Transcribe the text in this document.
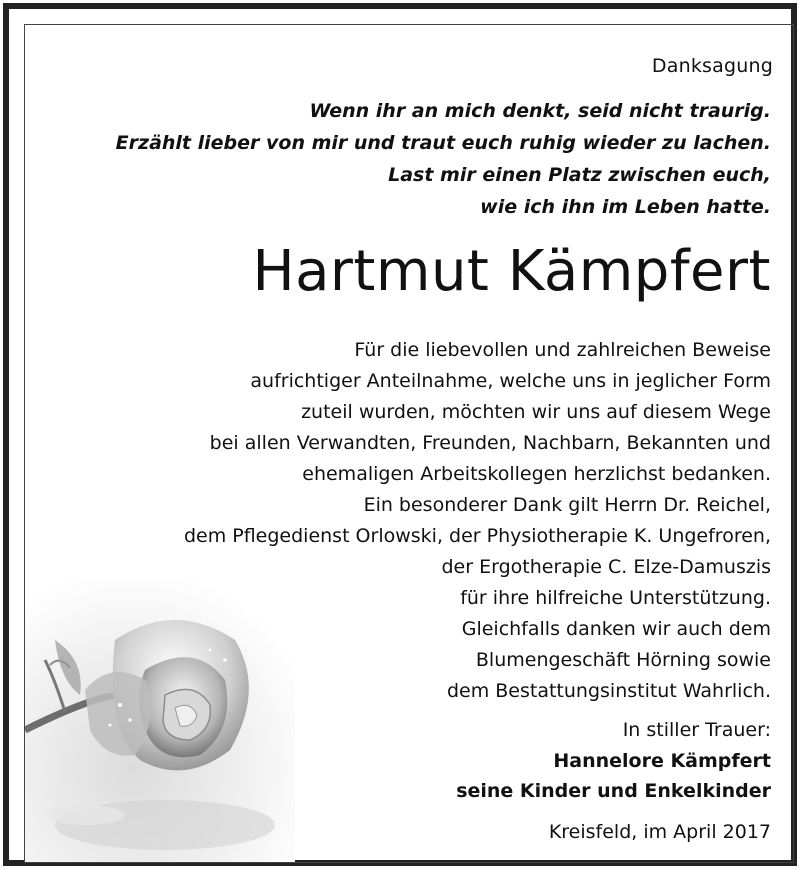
Danksagung
Wenn ihr an mich denkt, seid nicht traurig.
Erzählt lieber von mir und traut euch ruhig wieder zu lachen.
Last mir einen Platz zwischen euch,
wie ich ihn im Leben hatte.
Hartmut Kämpfert
Für die liebevollen und zahlreichen Beweise
aufrichtiger Anteilnahme, welche uns in jeglicher Form
zuteil wurden, möchten wir uns auf diesem Wege
bei allen Verwandten, Freunden, Nachbarn, Bekannten und
ehemaligen Arbeitskollegen herzlichst bedanken.
Ein besonderer Dank gilt Herrn Dr. Reichel,
dem Pflegedienst Orlowski, der Physiotherapie K. Ungefroren,
der Ergotherapie C. Elze-Damuszis
für ihre hilfreiche Unterstützung.
Gleichfalls danken wir auch dem
Blumengeschäft Hörning sowie
dem Bestattungsinstitut Wahrlich.
In stiller Trauer:
Hannelore Kämpfert
seine Kinder und Enkelkinder
Kreisfeld, im April 2017
